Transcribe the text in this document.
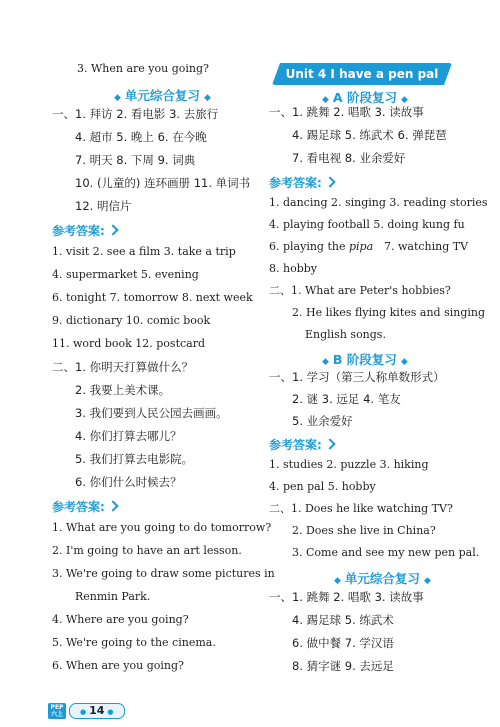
3. When are you going?
◆ 单元综合复习 ◆
一、1. 拜访 2. 看电影 3. 去旅行
4. 超市 5. 晚上 6. 在今晚
7. 明天 8. 下周 9. 词典
10. (儿童的) 连环画册 11. 单词书
12. 明信片
参考答案:
1. visit 2. see a film 3. take a trip
4. supermarket 5. evening
6. tonight 7. tomorrow 8. next week
9. dictionary 10. comic book
11. word book 12. postcard
二、1. 你明天打算做什么？
2. 我要上美术课。
3. 我们要到人民公园去画画。
4. 你们打算去哪儿？
5. 我们打算去电影院。
6. 你们什么时候去？
参考答案:
1. What are you going to do tomorrow?
2. I'm going to have an art lesson.
3. We're going to draw some pictures in
Renmin Park.
4. Where are you going?
5. We're going to the cinema.
6. When are you going?
Unit 4 I have a pen pal
◆ A 阶段复习 ◆
一、1. 跳舞 2. 唱歌 3. 读故事
4. 踢足球 5. 练武术 6. 弹琵琶
7. 看电视 8. 业余爱好
参考答案:
1. dancing 2. singing 3. reading stories
4. playing football 5. doing kung fu
6. playing the pipa 7. watching TV
8. hobby
二、1. What are Peter's hobbies?
2. He likes flying kites and singing
English songs.
◆ B 阶段复习 ◆
一、1. 学习（第三人称单数形式）
2. 谜 3. 远足 4. 笔友
5. 业余爱好
参考答案:
1. studies 2. puzzle 3. hiking
4. pen pal 5. hobby
二、1. Does he like watching TV?
2. Does she live in China?
3. Come and see my new pen pal.
◆ 单元综合复习 ◆
一、1. 跳舞 2. 唱歌 3. 读故事
4. 踢足球 5. 练武术
6. 做中餐 7. 学汉语
8. 猜字谜 9. 去远足
PEP
六上	● 14 ●
